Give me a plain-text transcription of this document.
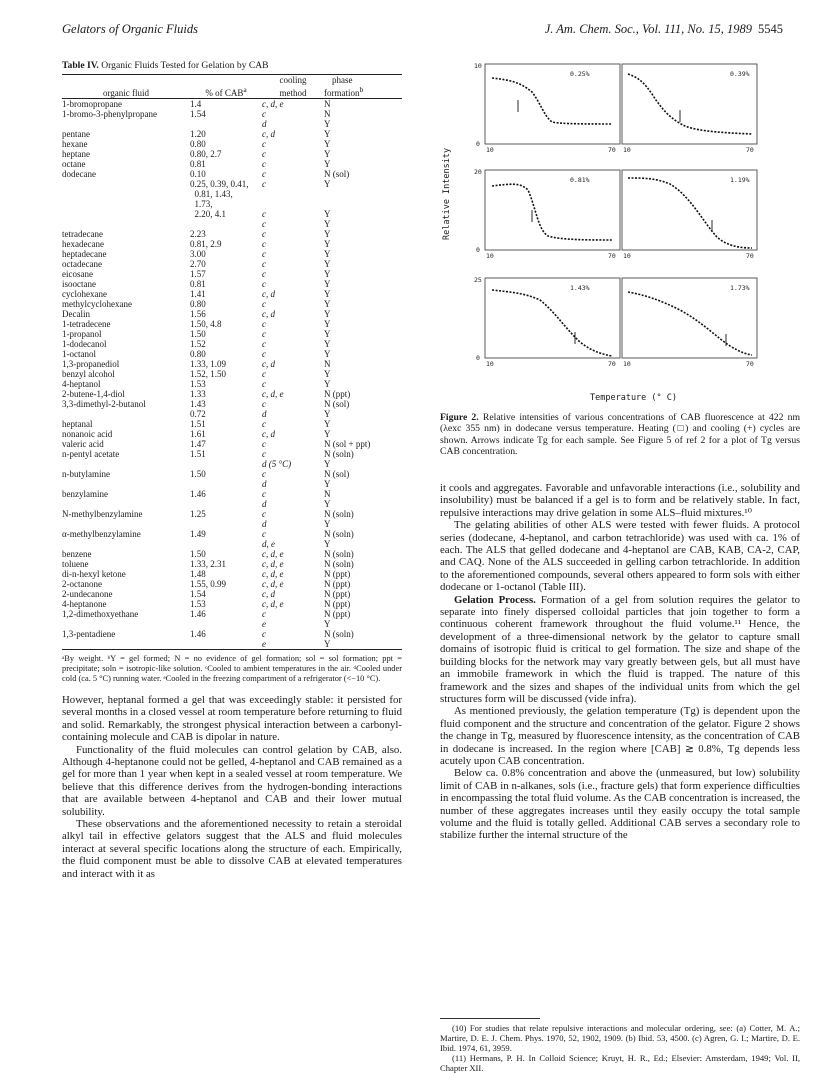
Gelators of Organic Fluids	J. Am. Chem. Soc., Vol. 111, No. 15, 1989 5545
Table IV. Organic Fluids Tested for Gelation by CAB
		cooling	phase
organic fluid	% of CAB$^a$	method	formation$^b$
1-bromopropane	1.4	c, d, e	N
1-bromo-3-phenylpropane	1.54	c	N
		d	Y
pentane	1.20	c, d	Y
hexane	0.80	c	Y
heptane	0.80, 2.7	c	Y
octane	0.81	c	Y
dodecane	0.10	c	N (sol)
	0.25, 0.39, 0.41,	c	Y
	0.81, 1.43,		
	1.73,		
	2.20, 4.1	c	Y
		c	Y
tetradecane	2.23	c	Y
hexadecane	0.81, 2.9	c	Y
heptadecane	3.00	c	Y
octadecane	2.70	c	Y
eicosane	1.57	c	Y
isooctane	0.81	c	Y
cyclohexane	1.41	c, d	Y
methylcyclohexane	0.80	c	Y
Decalin	1.56	c, d	Y
1-tetradecene	1.50, 4.8	c	Y
1-propanol	1.50	c	Y
1-dodecanol	1.52	c	Y
1-octanol	0.80	c	Y
1,3-propanediol	1.33, 1.09	c, d	N
benzyl alcohol	1.52, 1.50	c	Y
4-heptanol	1.53	c	Y
2-butene-1,4-diol	1.33	c, d, e	N (ppt)
3,3-dimethyl-2-butanol	1.43	c	N (sol)
	0.72	d	Y
heptanal	1.51	c	Y
nonanoic acid	1.61	c, d	Y
valeric acid	1.47	c	N (sol + ppt)
n-pentyl acetate	1.51	c	N (soln)
		d (5 °C)	Y
n-butylamine	1.50	c	N (sol)
		d	Y
benzylamine	1.46	c	N
		d	Y
N-methylbenzylamine	1.25	c	N (soln)
		d	Y
α-methylbenzylamine	1.49	c	N (soln)
		d, e	Y
benzene	1.50	c, d, e	N (soln)
toluene	1.33, 2.31	c, d, e	N (soln)
di-n-hexyl ketone	1.48	c, d, e	N (ppt)
2-octanone	1.55, 0.99	c, d, e	N (ppt)
2-undecanone	1.54	c, d	N (ppt)
4-heptanone	1.53	c, d, e	N (ppt)
1,2-dimethoxyethane	1.46	c	N (ppt)
		e	Y
1,3-pentadiene	1.46	c	N (soln)
		e	Y
ᵃBy weight. ᵇY = gel formed; N = no evidence of gel formation; sol = sol formation; ppt = precipitate; soln = isotropic-like solution. ᶜCooled to ambient temperatures in the air. ᵈCooled under cold (ca. 5 °C) running water. ᵉCooled in the freezing compartment of a refrigerator (<−10 °C).

However, heptanal formed a gel that was exceedingly stable: it persisted for several months in a closed vessel at room temperature before returning to fluid and solid. Remarkably, the strongest physical interaction between a carbonyl-containing molecule and CAB is dipolar in nature.

Functionality of the fluid molecules can control gelation by CAB, also. Although 4-heptanone could not be gelled, 4-heptanol and CAB remained as a gel for more than 1 year when kept in a sealed vessel at room temperature. We believe that this difference derives from the hydrogen-bonding interactions that are available between 4-heptanol and CAB and their lower mutual solubility.

These observations and the aforementioned necessity to retain a steroidal alkyl tail in effective gelators suggest that the ALS and fluid molecules interact at several specific locations along the structure of each. Empirically, the fluid component must be able to dissolve CAB at elevated temperatures and interact with it as

0.25%	0.39%
0.81%	1.19%
1.43%	1.73%
10
20
25
0
0
0
10	70 10	70
10	70 10	70
10	70 10	70
Relative Intensity
Temperature (° C)
Figure 2. Relative intensities of various concentrations of CAB fluorescence at 422 nm (λexc 355 nm) in dodecane versus temperature. Heating (□) and cooling (+) cycles are shown. Arrows indicate Tg for each sample. See Figure 5 of ref 2 for a plot of Tg versus CAB concentration.

it cools and aggregates. Favorable and unfavorable interactions (i.e., solubility and insolubility) must be balanced if a gel is to form and be relatively stable. In fact, repulsive interactions may drive gelation in some ALS–fluid mixtures.¹⁰

The gelating abilities of other ALS were tested with fewer fluids. A protocol series (dodecane, 4-heptanol, and carbon tetrachloride) was used with ca. 1% of each. The ALS that gelled dodecane and 4-heptanol are CAB, KAB, CA-2, CAP, and CAQ. None of the ALS succeeded in gelling carbon tetrachloride. In addition to the aforementioned compounds, several others appeared to form sols with either dodecane or 1-octanol (Table III).

Gelation Process. Formation of a gel from solution requires the gelator to separate into finely dispersed colloidal particles that join together to form a continuous coherent framework throughout the fluid volume.¹¹ Hence, the development of a three-dimensional network by the gelator to capture small domains of isotropic fluid is critical to gel formation. The size and shape of the building blocks for the network may vary greatly between gels, but all must have an immobile framework in which the fluid is trapped. The nature of this framework and the sizes and shapes of the individual units from which the gel structures form will be discussed (vide infra).

As mentioned previously, the gelation temperature (Tg) is dependent upon the fluid component and the structure and concentration of the gelator. Figure 2 shows the change in Tg, measured by fluorescence intensity, as the concentration of CAB in dodecane is increased. In the region where [CAB] ≳ 0.8%, Tg depends less acutely upon CAB concentration.

Below ca. 0.8% concentration and above the (unmeasured, but low) solubility limit of CAB in n-alkanes, sols (i.e., fracture gels) that form experience difficulties in encompassing the total fluid volume. As the CAB concentration is increased, the number of these aggregates increases until they easily occupy the total sample volume and the fluid is totally gelled. Additional CAB serves a secondary role to stabilize further the internal structure of the

(10) For studies that relate repulsive interactions and molecular ordering, see: (a) Cotter, M. A.; Martire, D. E. J. Chem. Phys. 1970, 52, 1902, 1909. (b) Ibid. 53, 4500. (c) Agren, G. I.; Martire, D. E. Ibid. 1974, 61, 3959.

(11) Hermans, P. H. In Colloid Science; Kruyt, H. R., Ed.; Elsevier: Amsterdam, 1949; Vol. II, Chapter XII.
